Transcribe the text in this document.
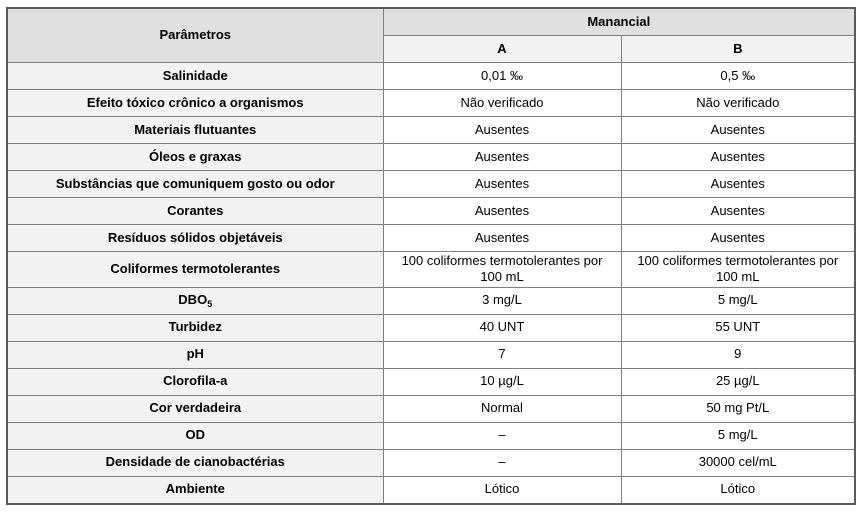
Parâmetros	Manancial	
	A	B
Salinidade	0,01 ‰	0,5 ‰
Efeito tóxico crônico a organismos	Não verificado	Não verificado
Materiais flutuantes	Ausentes	Ausentes
Óleos e graxas	Ausentes	Ausentes
Substâncias que comuniquem gosto ou odor	Ausentes	Ausentes
Corantes	Ausentes	Ausentes
Resíduos sólidos objetáveis	Ausentes	Ausentes
Coliformes termotolerantes	100 coliformes termotolerantes por 100 mL	100 coliformes termotolerantes por 100 mL
$DBO_5$	3 mg/L	5 mg/L
Turbidez	40 UNT	55 UNT
pH	7	9
Clorofila-a	10 µg/L	25 µg/L
Cor verdadeira	Normal	50 mg Pt/L
OD	–	5 mg/L
Densidade de cianobactérias	–	30000 cel/mL
Ambiente	Lótico	Lótico
